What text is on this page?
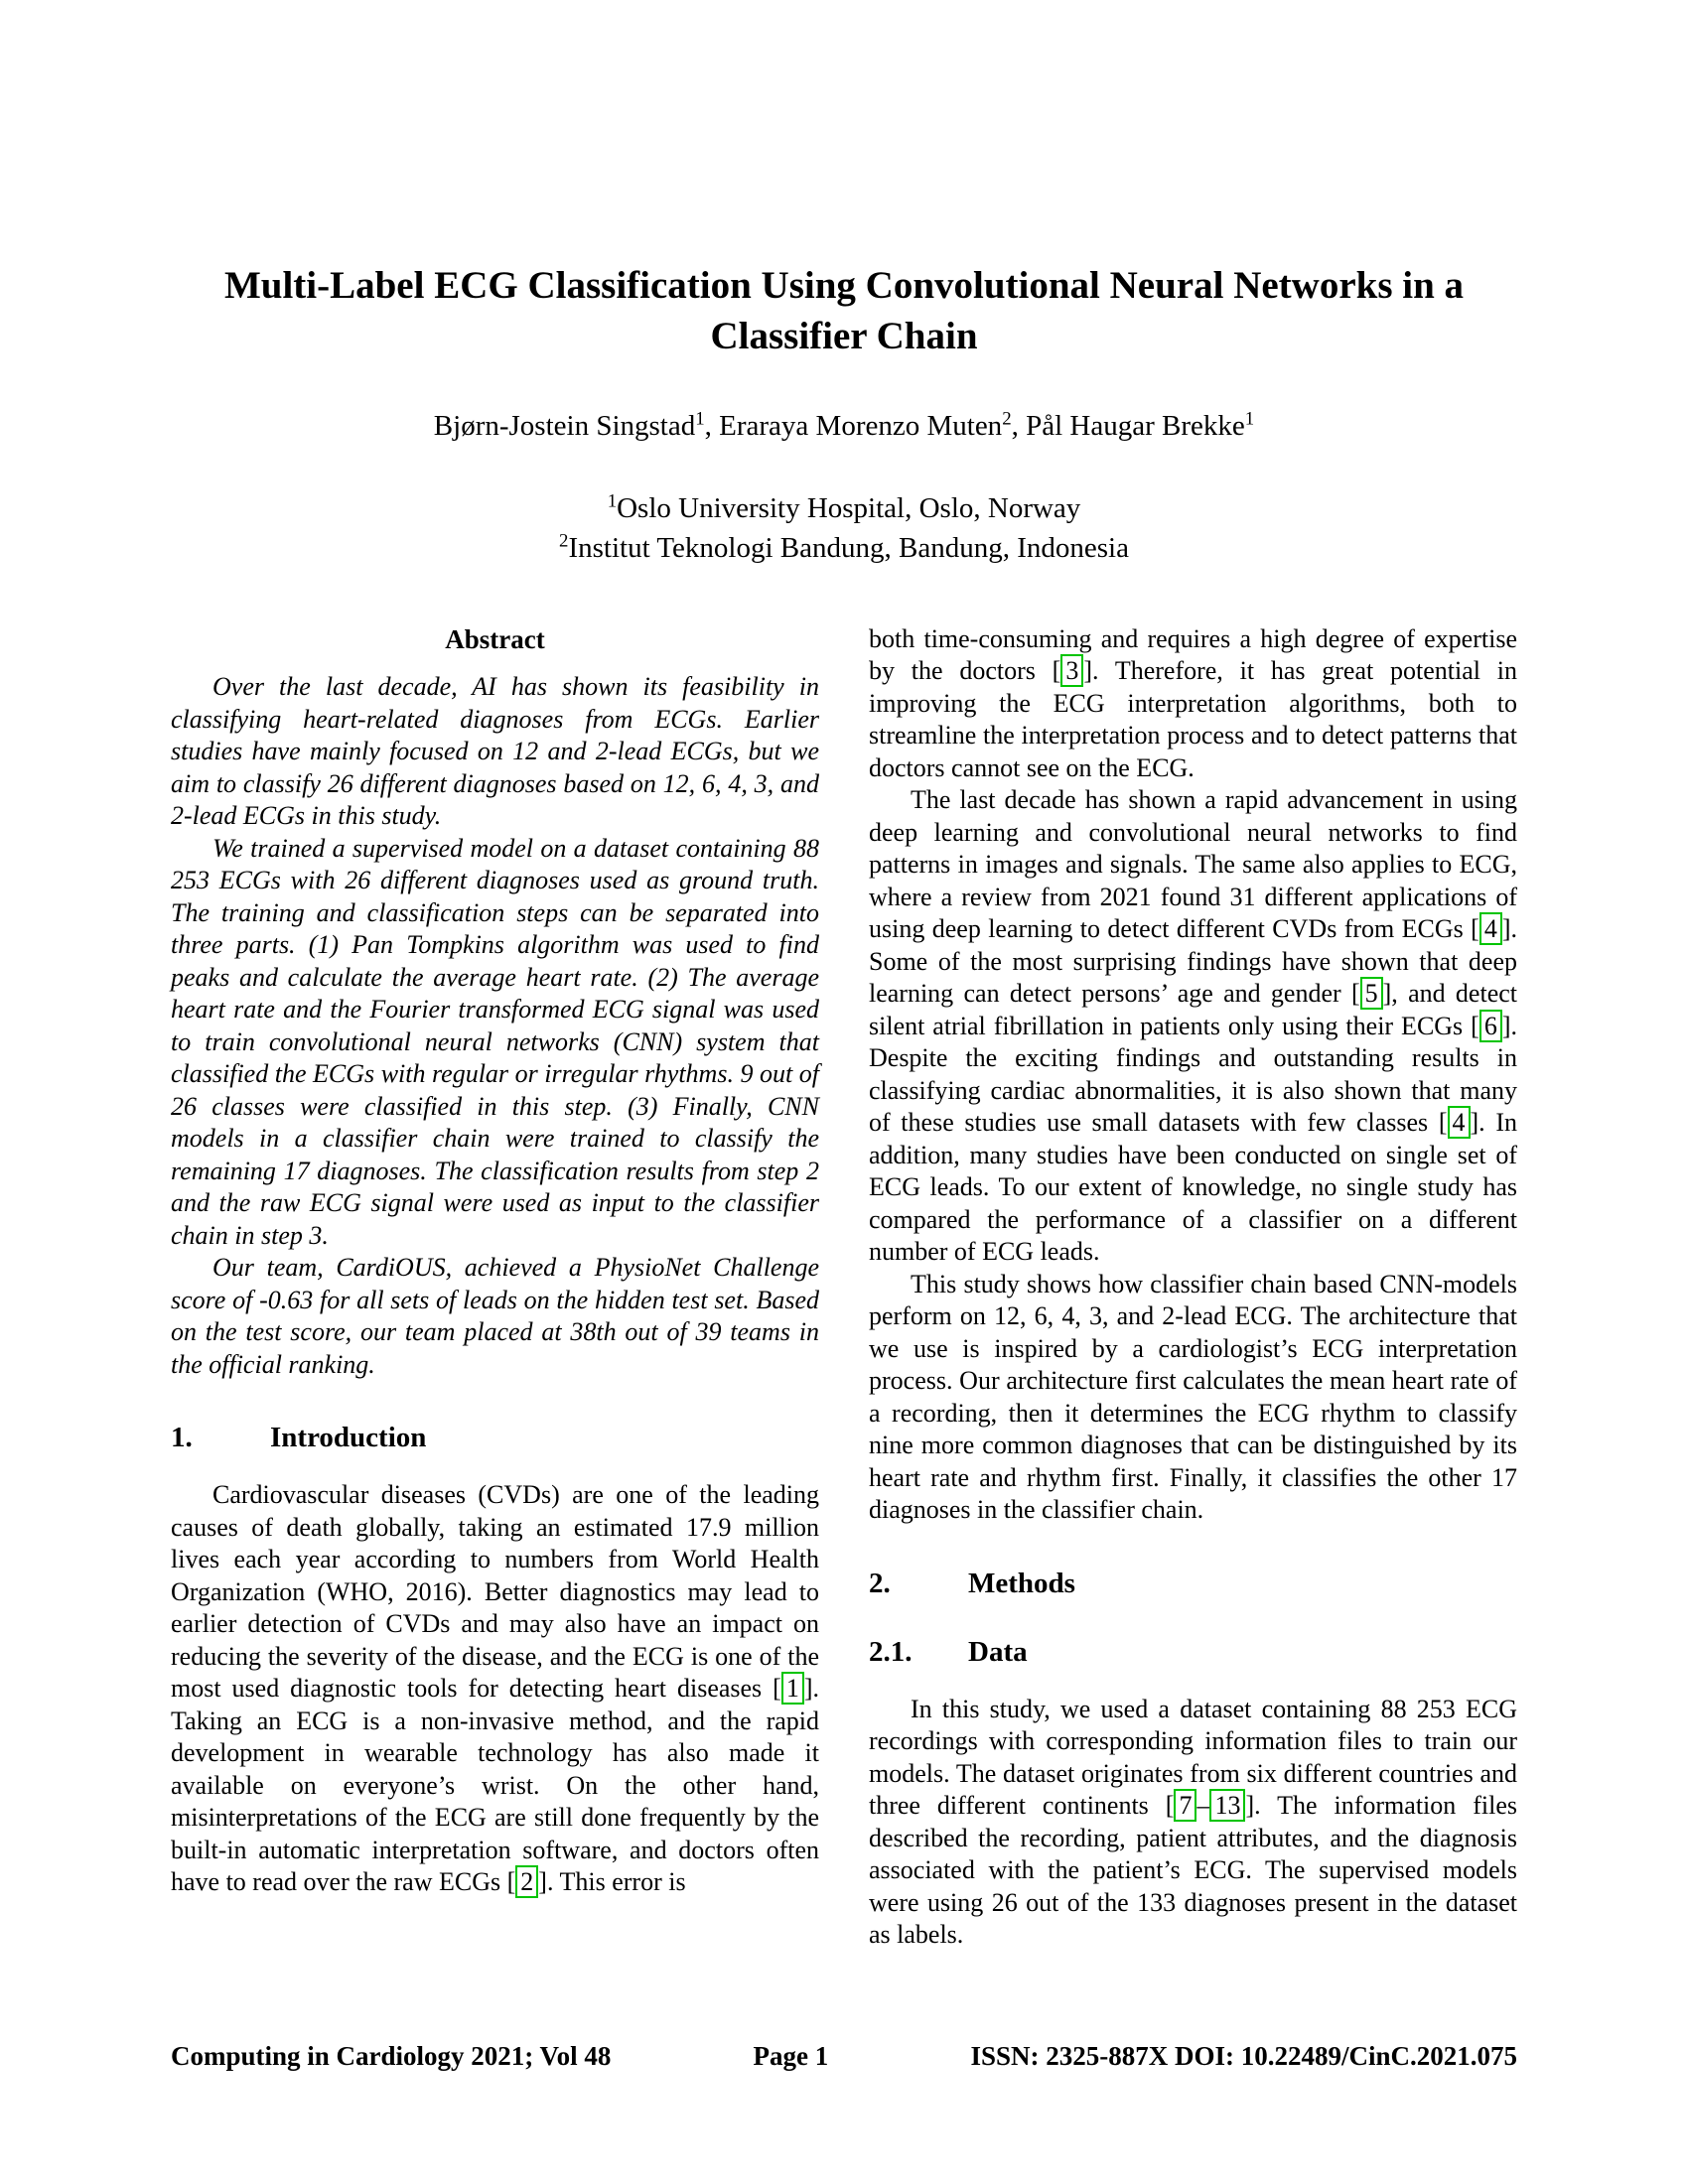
Multi-Label ECG Classification Using Convolutional Neural Networks in a Classifier Chain
Bjørn-Jostein Singstad$^1$, Eraraya Morenzo Muten$^2$, Pål Haugar Brekke$^1$
$^1$Oslo University Hospital, Oslo, Norway
$^2$Institut Teknologi Bandung, Bandung, Indonesia
Abstract

Over the last decade, AI has shown its feasibility in classifying heart-related diagnoses from ECGs. Earlier studies have mainly focused on 12 and 2-lead ECGs, but we aim to classify 26 different diagnoses based on 12, 6, 4, 3, and 2-lead ECGs in this study.

We trained a supervised model on a dataset containing 88 253 ECGs with 26 different diagnoses used as ground truth. The training and classification steps can be separated into three parts. (1) Pan Tompkins algorithm was used to find peaks and calculate the average heart rate. (2) The average heart rate and the Fourier transformed ECG signal was used to train convolutional neural networks (CNN) system that classified the ECGs with regular or irregular rhythms. 9 out of 26 classes were classified in this step. (3) Finally, CNN models in a classifier chain were trained to classify the remaining 17 diagnoses. The classification results from step 2 and the raw ECG signal were used as input to the classifier chain in step 3.

Our team, CardiOUS, achieved a PhysioNet Challenge score of -0.63 for all sets of leads on the hidden test set. Based on the test score, our team placed at 38th out of 39 teams in the official ranking.

1.	Introduction

Cardiovascular diseases (CVDs) are one of the leading causes of death globally, taking an estimated 17.9 million lives each year according to numbers from World Health Organization (WHO, 2016). Better diagnostics may lead to earlier detection of CVDs and may also have an impact on reducing the severity of the disease, and the ECG is one of the most used diagnostic tools for detecting heart diseases [ 1 ]. Taking an ECG is a non-invasive method, and the rapid development in wearable technology has also made it available on everyone’s wrist. On the other hand, misinterpretations of the ECG are still done frequently by the built-in automatic interpretation software, and doctors often have to read over the raw ECGs [ 2 ]. This error is

both time-consuming and requires a high degree of expertise by the doctors [ 3 ]. Therefore, it has great potential in improving the ECG interpretation algorithms, both to streamline the interpretation process and to detect patterns that doctors cannot see on the ECG.

The last decade has shown a rapid advancement in using deep learning and convolutional neural networks to find patterns in images and signals. The same also applies to ECG, where a review from 2021 found 31 different applications of using deep learning to detect different CVDs from ECGs [ 4 ]. Some of the most surprising findings have shown that deep learning can detect persons’ age and gender [ 5 ], and detect silent atrial fibrillation in patients only using their ECGs [ 6 ]. Despite the exciting findings and outstanding results in classifying cardiac abnormalities, it is also shown that many of these studies use small datasets with few classes [ 4 ]. In addition, many studies have been conducted on single set of ECG leads. To our extent of knowledge, no single study has compared the performance of a classifier on a different number of ECG leads.

This study shows how classifier chain based CNN-models perform on 12, 6, 4, 3, and 2-lead ECG. The architecture that we use is inspired by a cardiologist’s ECG interpretation process. Our architecture first calculates the mean heart rate of a recording, then it determines the ECG rhythm to classify nine more common diagnoses that can be distinguished by its heart rate and rhythm first. Finally, it classifies the other 17 diagnoses in the classifier chain.

2.	Methods
2.1.	Data

In this study, we used a dataset containing 88 253 ECG recordings with corresponding information files to train our models. The dataset originates from six different countries and three different continents [ 7 – 13 ]. The information files described the recording, patient attributes, and the diagnosis associated with the patient’s ECG. The supervised models were using 26 out of the 133 diagnoses present in the dataset as labels.

Computing in Cardiology 2021; Vol 48	Page 1	ISSN: 2325-887X DOI: 10.22489/CinC.2021.075
